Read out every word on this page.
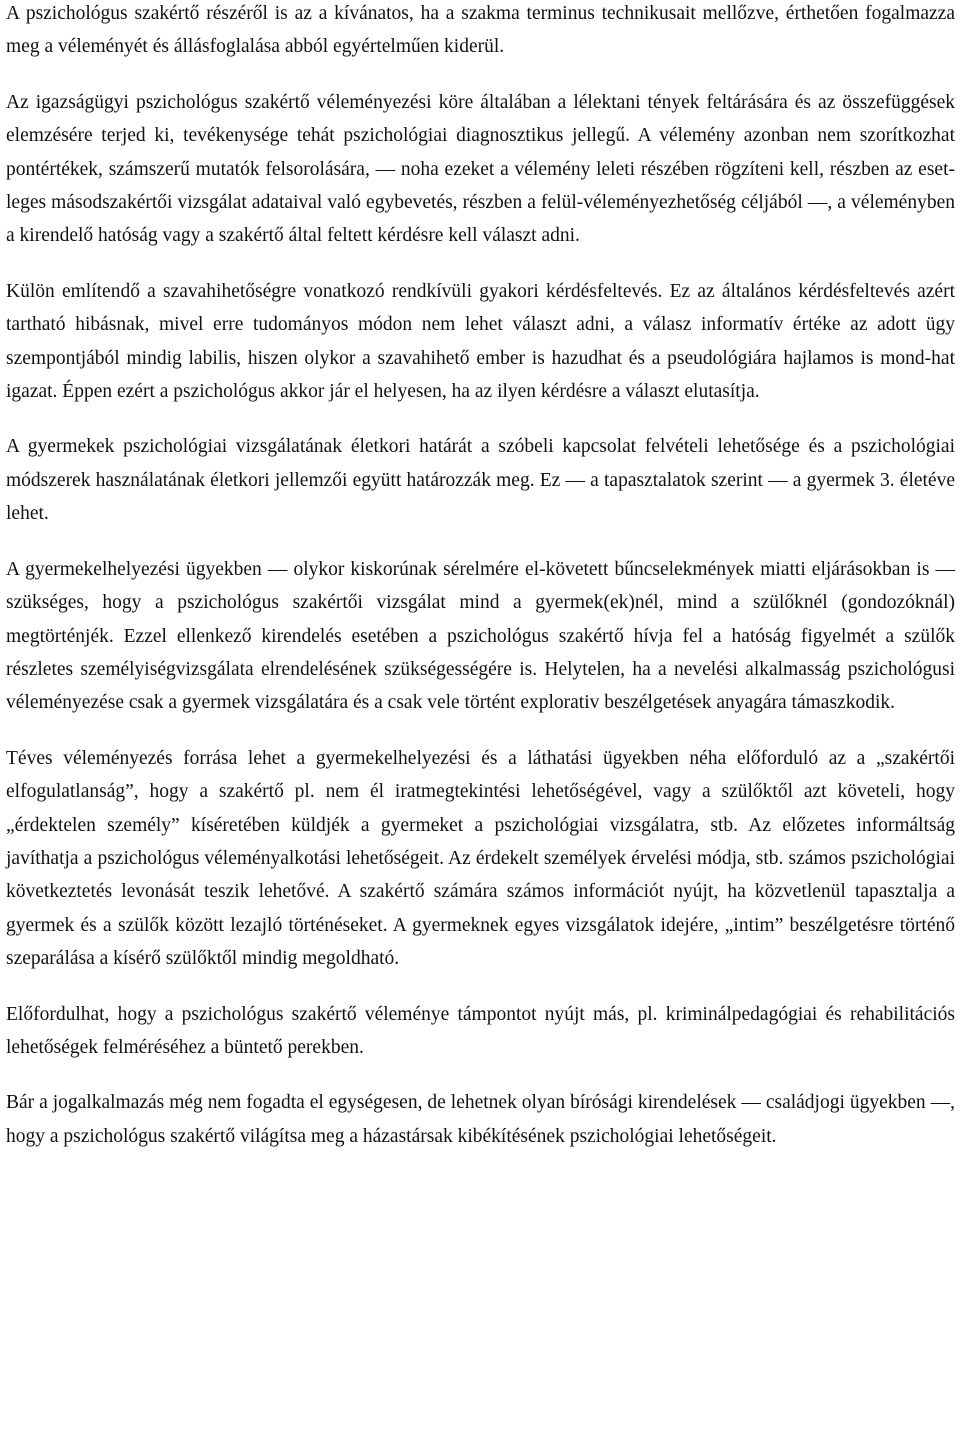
A pszichológus szakértő részéről is az a kívánatos, ha a szakma terminus technikusait mellőzve, érthetően fogalmazza meg a véleményét és állásfoglalása abból egyértelműen kiderül.

Az igazságügyi pszichológus szakértő véleményezési köre általában a lélektani tények feltárására és az összefüggések elemzésére terjed ki, tevékenysége tehát pszichológiai diagnosztikus jellegű. A vélemény azonban nem szorítkozhat pontértékek, számszerű mutatók felsorolására, — noha ezeket a vélemény leleti részében rögzíteni kell, részben az eset-leges másodszakértői vizsgálat adataival való egybevetés, részben a felül-véleményezhetőség céljából —, a véleményben a kirendelő hatóság vagy a szakértő által feltett kérdésre kell választ adni.

Külön említendő a szavahihetőségre vonatkozó rendkívüli gyakori kérdésfeltevés. Ez az általános kérdésfeltevés azért tartható hibásnak, mivel erre tudományos módon nem lehet választ adni, a válasz informatív értéke az adott ügy szempontjából mindig labilis, hiszen olykor a szavahihető ember is hazudhat és a pseudológiára hajlamos is mond-hat igazat. Éppen ezért a pszichológus akkor jár el helyesen, ha az ilyen kérdésre a választ elutasítja.

A gyermekek pszichológiai vizsgálatának életkori határát a szóbeli kapcsolat felvételi lehetősége és a pszichológiai módszerek használatának életkori jellemzői együtt határozzák meg. Ez — a tapasztalatok szerint — a gyermek 3. életéve lehet.

A gyermekelhelyezési ügyekben — olykor kiskorúnak sérelmére el-követett bűncselekmények miatti eljárásokban is — szükséges, hogy a pszichológus szakértői vizsgálat mind a gyermek(ek)nél, mind a szülőknél (gondozóknál) megtörténjék. Ezzel ellenkező kirendelés esetében a pszichológus szakértő hívja fel a hatóság figyelmét a szülők részletes személyiségvizsgálata elrendelésének szükségességére is. Helytelen, ha a nevelési alkalmasság pszichológusi véleményezése csak a gyermek vizsgálatára és a csak vele történt explorativ beszélgetések anyagára támaszkodik.

Téves véleményezés forrása lehet a gyermekelhelyezési és a láthatási ügyekben néha előforduló az a „szakértői elfogulatlanság”, hogy a szakértő pl. nem él iratmegtekintési lehetőségével, vagy a szülőktől azt követeli, hogy „érdektelen személy” kíséretében küldjék a gyermeket a pszichológiai vizsgálatra, stb. Az előzetes informáltság javíthatja a pszichológus véleményalkotási lehetőségeit. Az érdekelt személyek érvelési módja, stb. számos pszichológiai következtetés levonását teszik lehetővé. A szakértő számára számos információt nyújt, ha közvetlenül tapasztalja a gyermek és a szülők között lezajló történéseket. A gyermeknek egyes vizsgálatok idejére, „intim” beszélgetésre történő szeparálása a kísérő szülőktől mindig megoldható.

Előfordulhat, hogy a pszichológus szakértő véleménye támpontot nyújt más, pl. kriminálpedagógiai és rehabilitációs lehetőségek felméréséhez a büntető perekben.

Bár a jogalkalmazás még nem fogadta el egységesen, de lehetnek olyan bírósági kirendelések — családjogi ügyekben —, hogy a pszichológus szakértő világítsa meg a házastársak kibékítésének pszichológiai lehetőségeit.
